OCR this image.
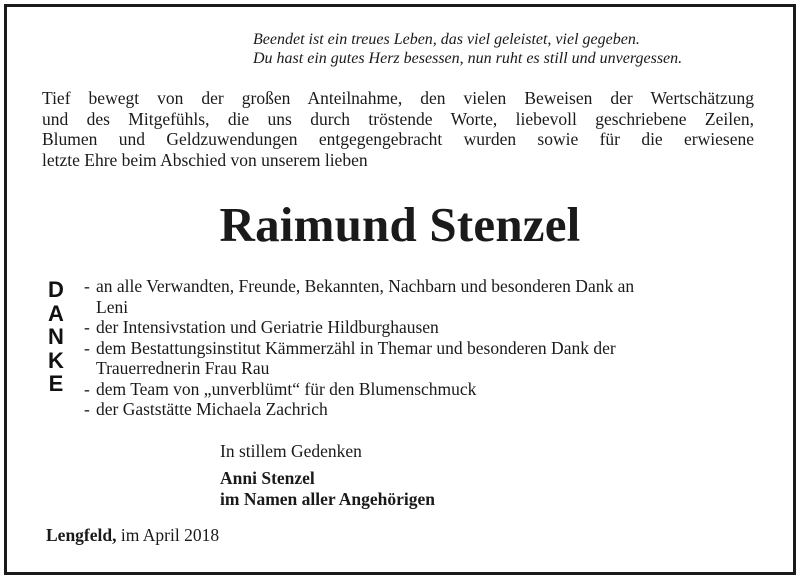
Beendet ist ein treues Leben, das viel geleistet, viel gegeben.
Du hast ein gutes Herz besessen, nun ruht es still und unvergessen.
Tief bewegt von der großen Anteilnahme, den vielen Beweisen der Wertschätzung
und des Mitgefühls, die uns durch tröstende Worte, liebevoll geschriebene Zeilen,
Blumen und Geldzuwendungen entgegengebracht wurden sowie für die erwiesene
letzte Ehre beim Abschied von unserem lieben
Raimund Stenzel
D
A
N
K
E
- an alle Verwandten, Freunde, Bekannten, Nachbarn und besonderen Dank an
Leni
- der Intensivstation und Geriatrie Hildburghausen
- dem Bestattungsinstitut Kämmerzähl in Themar und besonderen Dank der
Trauerrednerin Frau Rau
- dem Team von „unverblümt“ für den Blumenschmuck
- der Gaststätte Michaela Zachrich
In stillem Gedenken
Anni Stenzel
im Namen aller Angehörigen
Lengfeld, im April 2018
